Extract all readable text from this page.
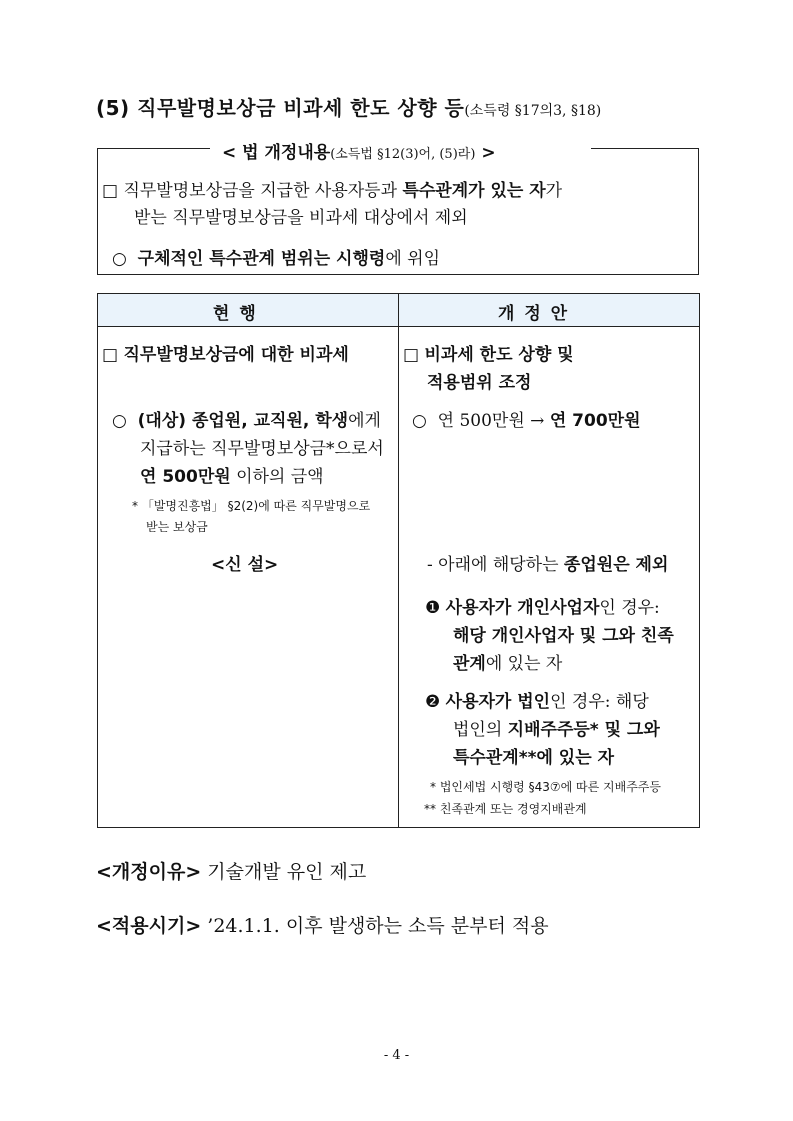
(5) 직무발명보상금 비과세 한도 상향 등(소득령 §17의3, §18)
< 법 개정내용(소득법 §12(3)어, (5)라) >
□ 직무발명보상금을 지급한 사용자등과 특수관계가 있는 자가
받는 직무발명보상금을 비과세 대상에서 제외
○ 구체적인 특수관계 범위는 시행령에 위임
현 행	개 정 안
□ 직무발명보상금에 대한 비과세
○ (대상) 종업원, 교직원, 학생에게
지급하는 직무발명보상금*으로서
연 500만원 이하의 금액
* 「발명진흥법」 §2(2)에 따른 직무발명으로
받는 보상금
<신 설>
□ 비과세 한도 상향 및
적용범위 조정
○ 연 500만원 → 연 700만원
- 아래에 해당하는 종업원은 제외
❶ 사용자가 개인사업자인 경우:
해당 개인사업자 및 그와 친족
관계에 있는 자
❷ 사용자가 법인인 경우: 해당
법인의 지배주주등* 및 그와
특수관계**에 있는 자
* 법인세법 시행령 §43⑦에 따른 지배주주등
** 친족관계 또는 경영지배관계
<개정이유> 기술개발 유인 제고
<적용시기> ’24.1.1. 이후 발생하는 소득 분부터 적용
- 4 -
